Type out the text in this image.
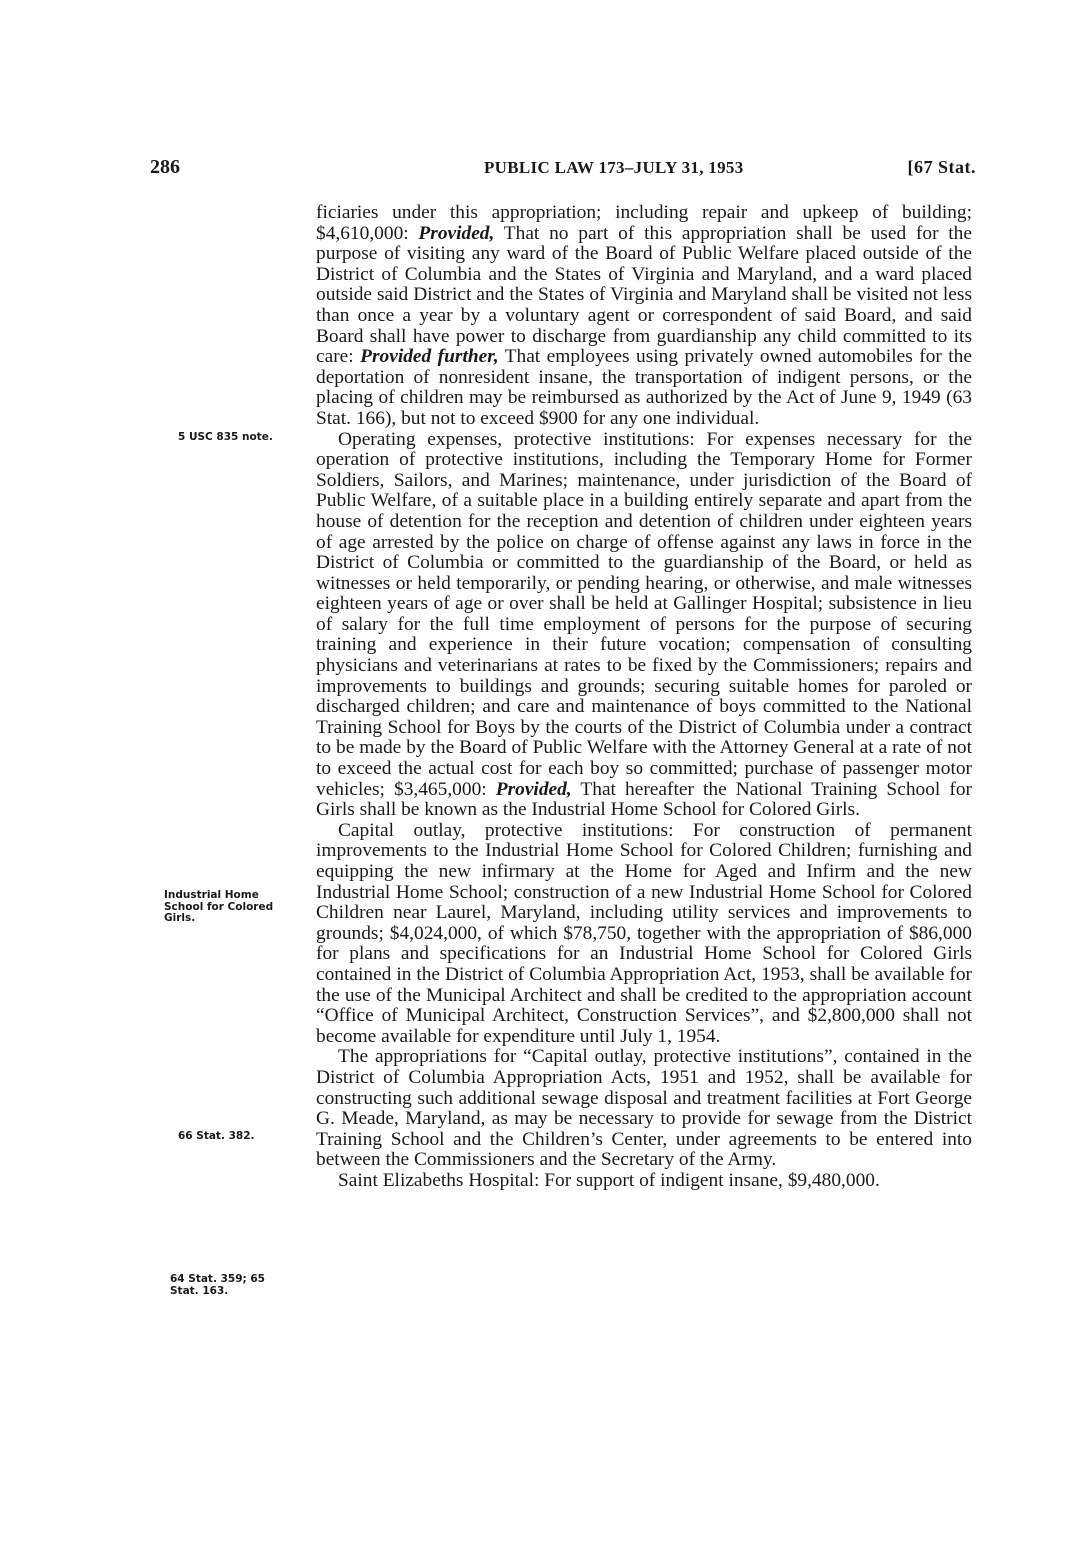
286	PUBLIC LAW 173–JULY 31, 1953	[67 Stat.
5 USC 835 note.
Industrial Home
School for Colored
Girls.
66 Stat. 382.
64 Stat. 359; 65
Stat. 163.

ficiaries under this appropriation; including repair and upkeep of building; $4,610,000: Provided, That no part of this appropriation shall be used for the purpose of visiting any ward of the Board of Public Welfare placed outside of the District of Columbia and the States of Virginia and Maryland, and a ward placed outside said District and the States of Virginia and Maryland shall be visited not less than once a year by a voluntary agent or correspondent of said Board, and said Board shall have power to discharge from guardianship any child committed to its care: Provided further, That employees using privately owned automobiles for the deportation of nonresident insane, the transportation of indigent persons, or the placing of children may be reimbursed as authorized by the Act of June 9, 1949 (63 Stat. 166), but not to exceed $900 for any one individual.

Operating expenses, protective institutions: For expenses necessary for the operation of protective institutions, including the Temporary Home for Former Soldiers, Sailors, and Marines; maintenance, under jurisdiction of the Board of Public Welfare, of a suitable place in a building entirely separate and apart from the house of detention for the reception and detention of children under eighteen years of age arrested by the police on charge of offense against any laws in force in the District of Columbia or committed to the guardianship of the Board, or held as witnesses or held temporarily, or pending hearing, or otherwise, and male witnesses eighteen years of age or over shall be held at Gallinger Hospital; subsistence in lieu of salary for the full time employment of persons for the purpose of securing training and experience in their future vocation; compensation of consulting physicians and veterinarians at rates to be fixed by the Commissioners; repairs and improvements to buildings and grounds; securing suitable homes for paroled or discharged children; and care and maintenance of boys committed to the National Training School for Boys by the courts of the District of Columbia under a contract to be made by the Board of Public Welfare with the Attorney General at a rate of not to exceed the actual cost for each boy so committed; purchase of passenger motor vehicles; $3,465,000: Provided, That hereafter the National Training School for Girls shall be known as the Industrial Home School for Colored Girls.

Capital outlay, protective institutions: For construction of permanent improvements to the Industrial Home School for Colored Children; furnishing and equipping the new infirmary at the Home for Aged and Infirm and the new Industrial Home School; construction of a new Industrial Home School for Colored Children near Laurel, Maryland, including utility services and improvements to grounds; $4,024,000, of which $78,750, together with the appropriation of $86,000 for plans and specifications for an Industrial Home School for Colored Girls contained in the District of Columbia Appropriation Act, 1953, shall be available for the use of the Municipal Architect and shall be credited to the appropriation account “Office of Municipal Architect, Construction Services”, and $2,800,000 shall not become available for expenditure until July 1, 1954.

The appropriations for “Capital outlay, protective institutions”, contained in the District of Columbia Appropriation Acts, 1951 and 1952, shall be available for constructing such additional sewage disposal and treatment facilities at Fort George G. Meade, Maryland, as may be necessary to provide for sewage from the District Training School and the Children’s Center, under agreements to be entered into between the Commissioners and the Secretary of the Army.

Saint Elizabeths Hospital: For support of indigent insane, $9,480,000.
